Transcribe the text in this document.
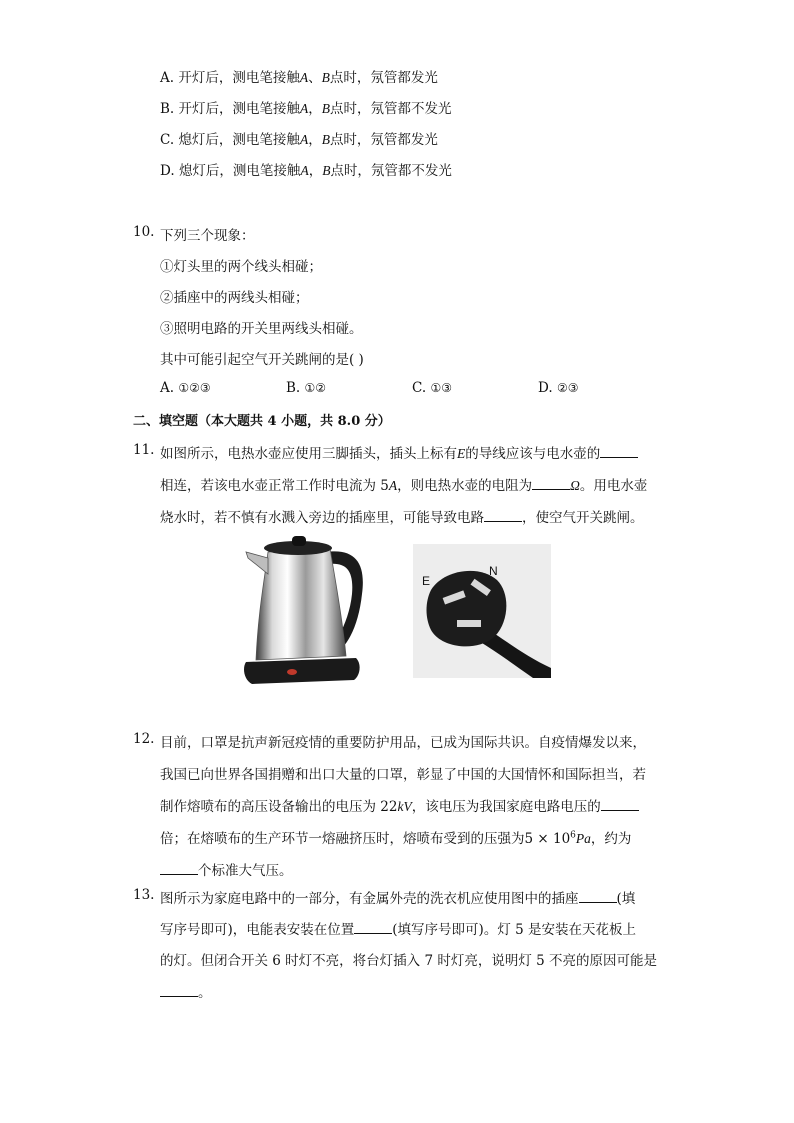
A. 开灯后，测电笔接触A、B点时，氖管都发光
B. 开灯后，测电笔接触A，B点时，氖管都不发光
C. 熄灯后，测电笔接触A，B点时，氖管都发光
D. 熄灯后，测电笔接触A，B点时，氖管都不发光
10. 下列三个现象：
①灯头里的两个线头相碰；
②插座中的两线头相碰；
③照明电路的开关里两线头相碰。
其中可能引起空气开关跳闸的是( )
A. ①②③	B. ①②	C. ①③	D. ②③
二、填空题（本大题共 4 小题，共 8.0 分）
11. 如图所示，电热水壶应使用三脚插头，插头上标有E的导线应该与电水壶的
相连，若该电水壶正常工作时电流为 5A，则电热水壶的电阻为	Ω。用电水壶
烧水时，若不慎有水溅入旁边的插座里，可能导致电路	，使空气开关跳闸。
E
N
12. 目前，口罩是抗声新冠疫情的重要防护用品，已成为国际共识。自疫情爆发以来，
我国已向世界各国捐赠和出口大量的口罩，彰显了中国的大国情怀和国际担当，若
制作熔喷布的高压设备输出的电压为 22kV，该电压为我国家庭电路电压的
倍；在熔喷布的生产环节一熔融挤压时，熔喷布受到的压强为$5 \times 10^6Pa$，约为
个标准大气压。
13. 图所示为家庭电路中的一部分，有金属外壳的洗衣机应使用图中的插座	(填
写序号即可)，电能表安装在位置	(填写序号即可)。灯 5 是安装在天花板上
的灯。但闭合开关 6 时灯不亮，将台灯插入 7 时灯亮，说明灯 5 不亮的原因可能是
。
